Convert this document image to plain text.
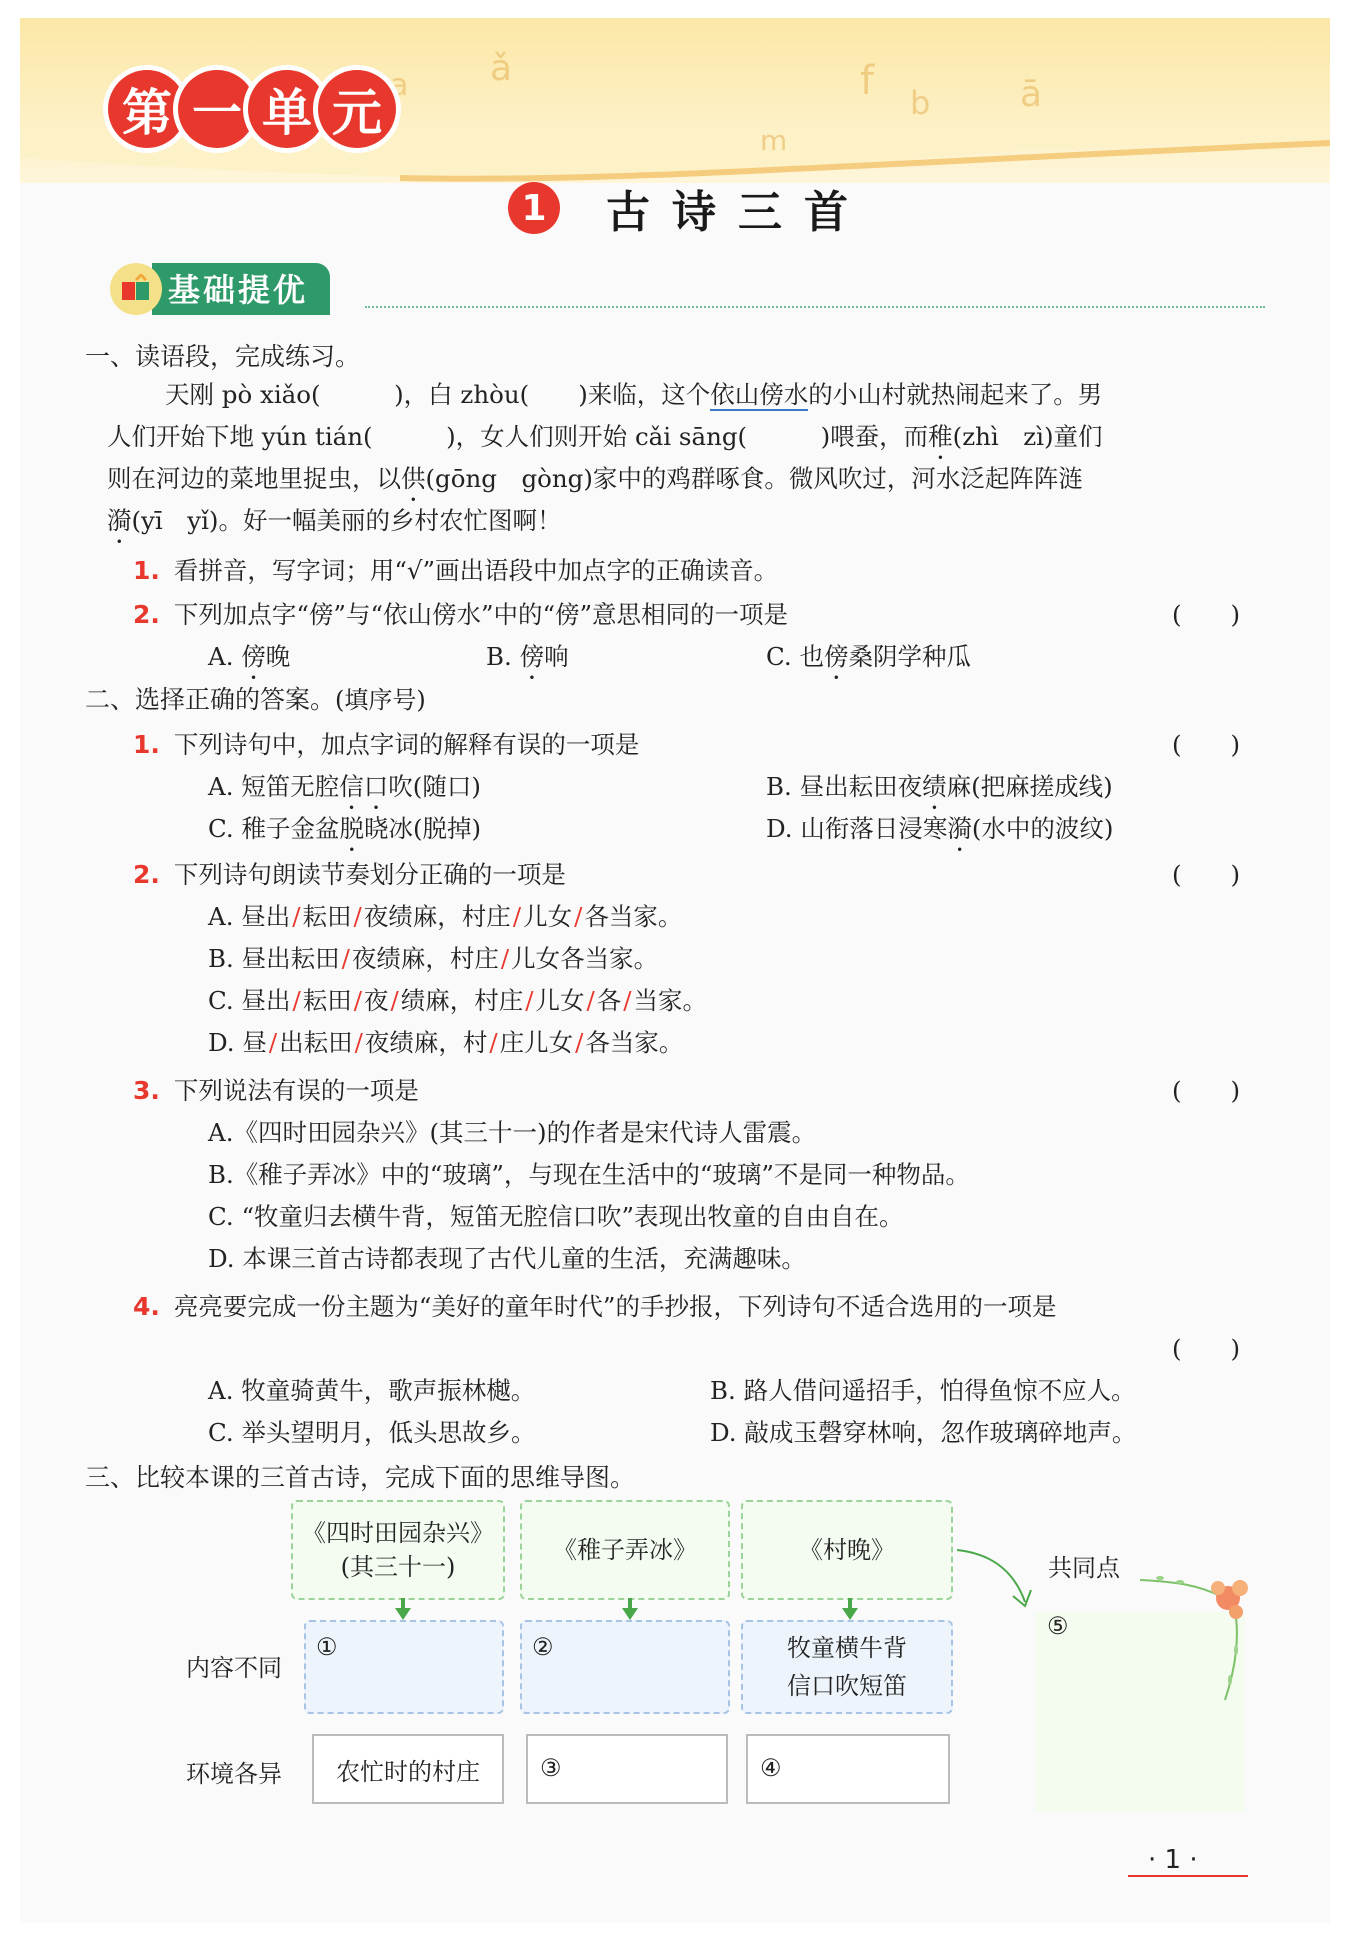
a ǎ	f b ā
m
第 一 单 元
1	古诗三首
基础提优
一、读语段，完成练习。
天刚 pò xiǎo(　　　)，白 zhòu(　　)来临，这个依山傍水的小山村就热闹起来了。男
人们开始下地 yún tián(　　　)，女人们则开始 cǎi sāng(　　　)喂蚕，而稚(zhì　zì)童们
则在河边的菜地里捉虫，以供(gōng　gòng)家中的鸡群啄食。微风吹过，河水泛起阵阵涟
漪(yī　yǐ)。好一幅美丽的乡村农忙图啊！
1. 看拼音，写字词；用“√”画出语段中加点字的正确读音。
2. 下列加点字“傍”与“依山傍水”中的“傍”意思相同的一项是	(　　)
A. 傍晚	B. 傍响	C. 也傍桑阴学种瓜
二、选择正确的答案。(填序号)
1. 下列诗句中，加点字词的解释有误的一项是	(　　)
A. 短笛无腔信口吹(随口)	B. 昼出耘田夜绩麻(把麻搓成线)
C. 稚子金盆脱晓冰(脱掉)	D. 山衔落日浸寒漪(水中的波纹)
2. 下列诗句朗读节奏划分正确的一项是	(　　)
A. 昼出/耘田/夜绩麻，村庄/儿女/各当家。
B. 昼出耘田/夜绩麻，村庄/儿女各当家。
C. 昼出/耘田/夜/绩麻，村庄/儿女/各/当家。
D. 昼/出耘田/夜绩麻，村/庄儿女/各当家。
3. 下列说法有误的一项是	(　　)
A.《四时田园杂兴》(其三十一)的作者是宋代诗人雷震。
B.《稚子弄冰》中的“玻璃”，与现在生活中的“玻璃”不是同一种物品。
C. “牧童归去横牛背，短笛无腔信口吹”表现出牧童的自由自在。
D. 本课三首古诗都表现了古代儿童的生活，充满趣味。
4. 亮亮要完成一份主题为“美好的童年时代”的手抄报，下列诗句不适合选用的一项是
(　　)
A. 牧童骑黄牛，歌声振林樾。	B. 路人借问遥招手，怕得鱼惊不应人。
C. 举头望明月，低头思故乡。	D. 敲成玉磬穿林响，忽作玻璃碎地声。
三、比较本课的三首古诗，完成下面的思维导图。
《四时田园杂兴》
(其三十一)
《稚子弄冰》	《村晚》
内容不同
①	②	牧童横牛背
信口吹短笛
环境各异	农忙时的村庄	③	④
共同点
⑤
· 1 ·
